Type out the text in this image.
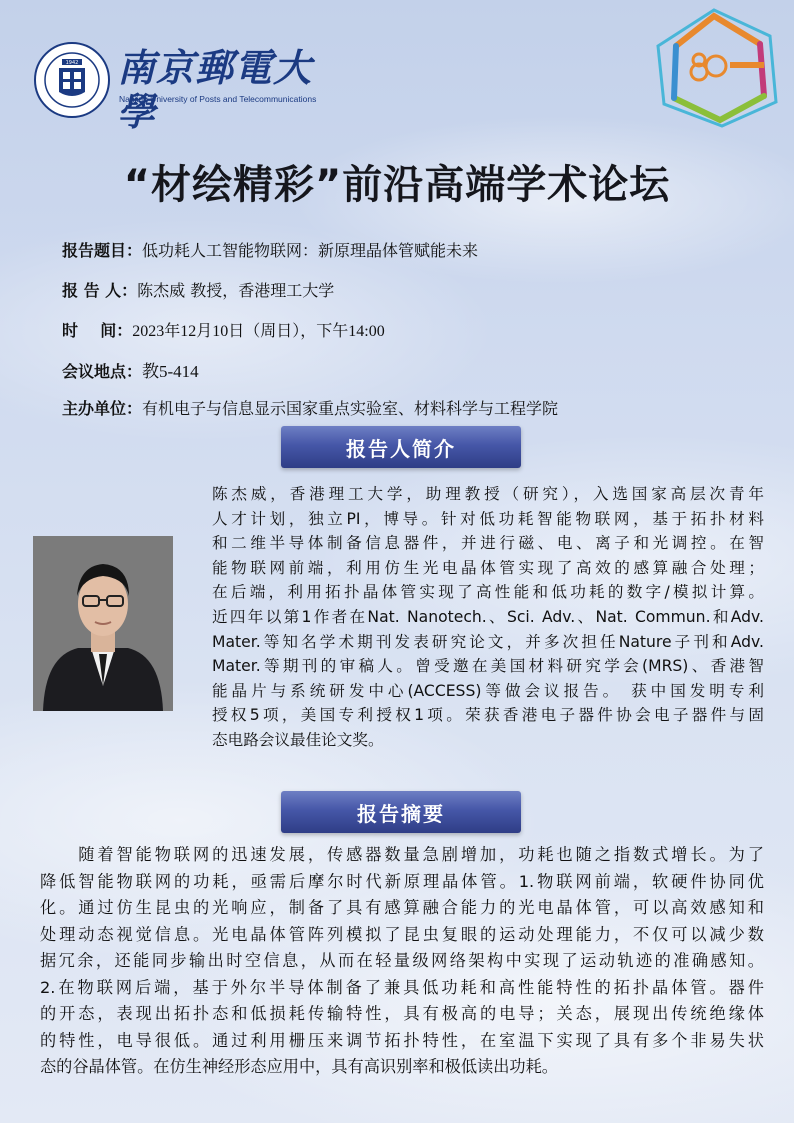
1942 南京郵電大學
Nanjing University of Posts and Telecommunications
“材绘精彩”前沿高端学术论坛
报告题目：低功耗人工智能物联网：新原理晶体管赋能未来
报 告 人：陈杰威 教授，香港理工大学
时    间：2023年12月10日（周日），下午14:00
会议地点：教5-414
主办单位：有机电子与信息显示国家重点实验室、材料科学与工程学院
报告人简介
陈杰威，香港理工大学，助理教授（研究），入选国家高层次青年
人才计划，独立PI，博导。针对低功耗智能物联网，基于拓扑材料
和二维半导体制备信息器件，并进行磁、电、离子和光调控。在智
能物联网前端，利用仿生光电晶体管实现了高效的感算融合处理；
在后端，利用拓扑晶体管实现了高性能和低功耗的数字/模拟计算。
近四年以第1作者在Nat. Nanotech.、Sci. Adv.、Nat. Commun.和Adv.
Mater.等知名学术期刊发表研究论文，并多次担任Nature子刊和Adv.
Mater.等期刊的审稿人。曾受邀在美国材料研究学会(MRS)、香港智
能晶片与系统研发中心(ACCESS)等做会议报告。 获中国发明专利
授权5项，美国专利授权1项。荣获香港电子器件协会电子器件与固
态电路会议最佳论文奖。
报告摘要
　　随着智能物联网的迅速发展，传感器数量急剧增加，功耗也随之指数式增长。为了
降低智能物联网的功耗，亟需后摩尔时代新原理晶体管。1.物联网前端，软硬件协同优
化。通过仿生昆虫的光响应，制备了具有感算融合能力的光电晶体管，可以高效感知和
处理动态视觉信息。光电晶体管阵列模拟了昆虫复眼的运动处理能力，不仅可以减少数
据冗余，还能同步输出时空信息，从而在轻量级网络架构中实现了运动轨迹的准确感知。
2.在物联网后端，基于外尔半导体制备了兼具低功耗和高性能特性的拓扑晶体管。器件
的开态，表现出拓扑态和低损耗传输特性，具有极高的电导；关态，展现出传统绝缘体
的特性，电导很低。通过利用栅压来调节拓扑特性，在室温下实现了具有多个非易失状
态的谷晶体管。在仿生神经形态应用中，具有高识别率和极低读出功耗。
